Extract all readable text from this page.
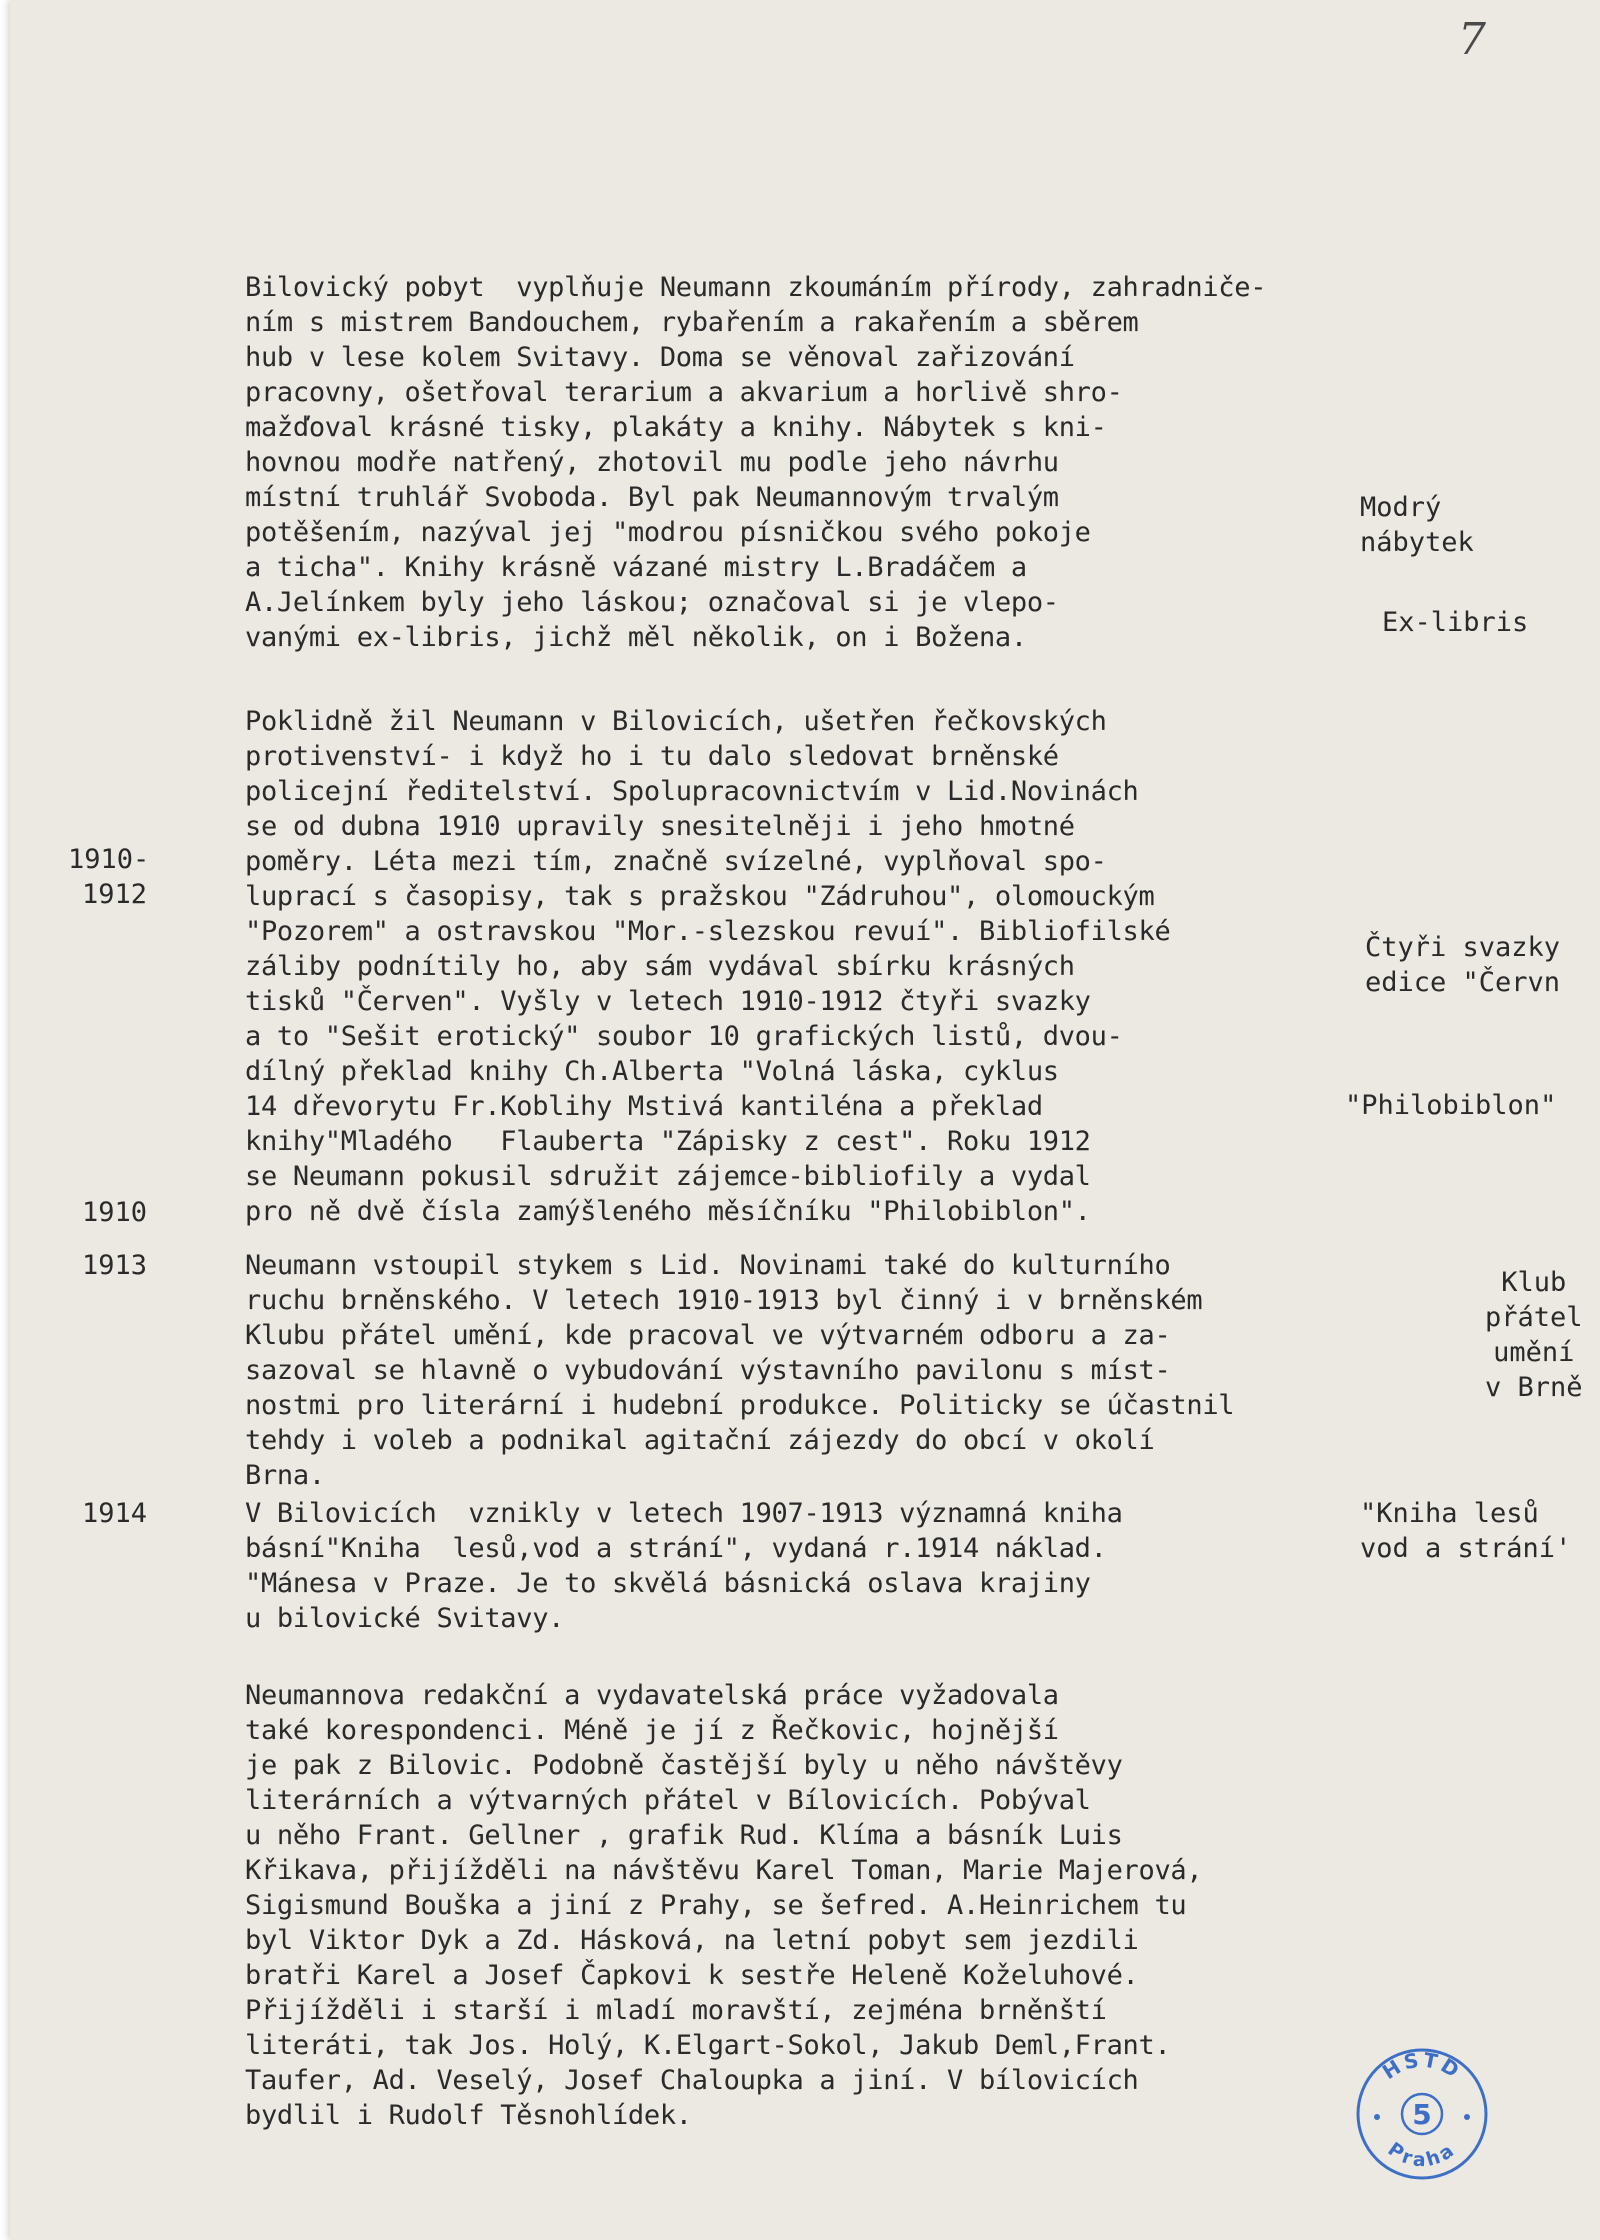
7
Bilovický pobyt  vyplňuje Neumann zkoumáním přírody, zahradniče-
ním s mistrem Bandouchem, rybařením a rakařením a sběrem
hub v lese kolem Svitavy. Doma se věnoval zařizování
pracovny, ošetřoval terarium a akvarium a horlivě shro-
mažďoval krásné tisky, plakáty a knihy. Nábytek s kni-
hovnou modře natřený, zhotovil mu podle jeho návrhu
místní truhlář Svoboda. Byl pak Neumannovým trvalým
potěšením, nazýval jej "modrou písničkou svého pokoje
a ticha". Knihy krásně vázané mistry L.Bradáčem a
A.Jelínkem byly jeho láskou; označoval si je vlepo-
vanými ex-libris, jichž měl několik, on i Božena.
Poklidně žil Neumann v Bilovicích, ušetřen řečkovských
protivenství- i když ho i tu dalo sledovat brněnské
policejní ředitelství. Spolupracovnictvím v Lid.Novinách
se od dubna 1910 upravily snesitelněji i jeho hmotné
poměry. Léta mezi tím, značně svízelné, vyplňoval spo-
luprací s časopisy, tak s pražskou "Zádruhou", olomouckým
"Pozorem" a ostravskou "Mor.-slezskou revuí". Bibliofilské
záliby podnítily ho, aby sám vydával sbírku krásných
tisků "Červen". Vyšly v letech 1910-1912 čtyři svazky
a to "Sešit erotický" soubor 10 grafických listů, dvou-
dílný překlad knihy Ch.Alberta "Volná láska, cyklus
14 dřevorytu Fr.Koblihy Mstivá kantiléna a překlad
knihy"Mladého   Flauberta "Zápisky z cest". Roku 1912
se Neumann pokusil sdružit zájemce-bibliofily a vydal
pro ně dvě čísla zamýšleného měsíčníku "Philobiblon".
Neumann vstoupil stykem s Lid. Novinami také do kulturního
ruchu brněnského. V letech 1910-1913 byl činný i v brněnském
Klubu přátel umění, kde pracoval ve výtvarném odboru a za-
sazoval se hlavně o vybudování výstavního pavilonu s míst-
nostmi pro literární i hudební produkce. Politicky se účastnil
tehdy i voleb a podnikal agitační zájezdy do obcí v okolí
Brna.
V Bilovicích  vznikly v letech 1907-1913 významná kniha
básní"Kniha  lesů,vod a strání", vydaná r.1914 náklad.
"Mánesa v Praze. Je to skvělá básnická oslava krajiny
u bilovické Svitavy.
Neumannova redakční a vydavatelská práce vyžadovala
také korespondenci. Méně je jí z Řečkovic, hojnější
je pak z Bilovic. Podobně častější byly u něho návštěvy
literárních a výtvarných přátel v Bílovicích. Pobýval
u něho Frant. Gellner , grafik Rud. Klíma a básník Luis
Křikava, přijížděli na návštěvu Karel Toman, Marie Majerová,
Sigismund Bouška a jiní z Prahy, se šefred. A.Heinrichem tu
byl Viktor Dyk a Zd. Hásková, na letní pobyt sem jezdili
bratři Karel a Josef Čapkovi k sestře Heleně Koželuhové.
Přijížděli i starší i mladí moravští, zejména brněnští
literáti, tak Jos. Holý, K.Elgart-Sokol, Jakub Deml,Frant.
Taufer, Ad. Veselý, Josef Chaloupka a jiní. V bílovicích
bydlil i Rudolf Těsnohlídek.
1910-
1912
1910
1913
1914
Modrý
nábytek
Ex-libris
Čtyři svazky
edice "Červn
"Philobiblon"
Klub
přátel
umění
v Brně
"Kniha lesů
vod a strání'
HSTD
Praha
5
